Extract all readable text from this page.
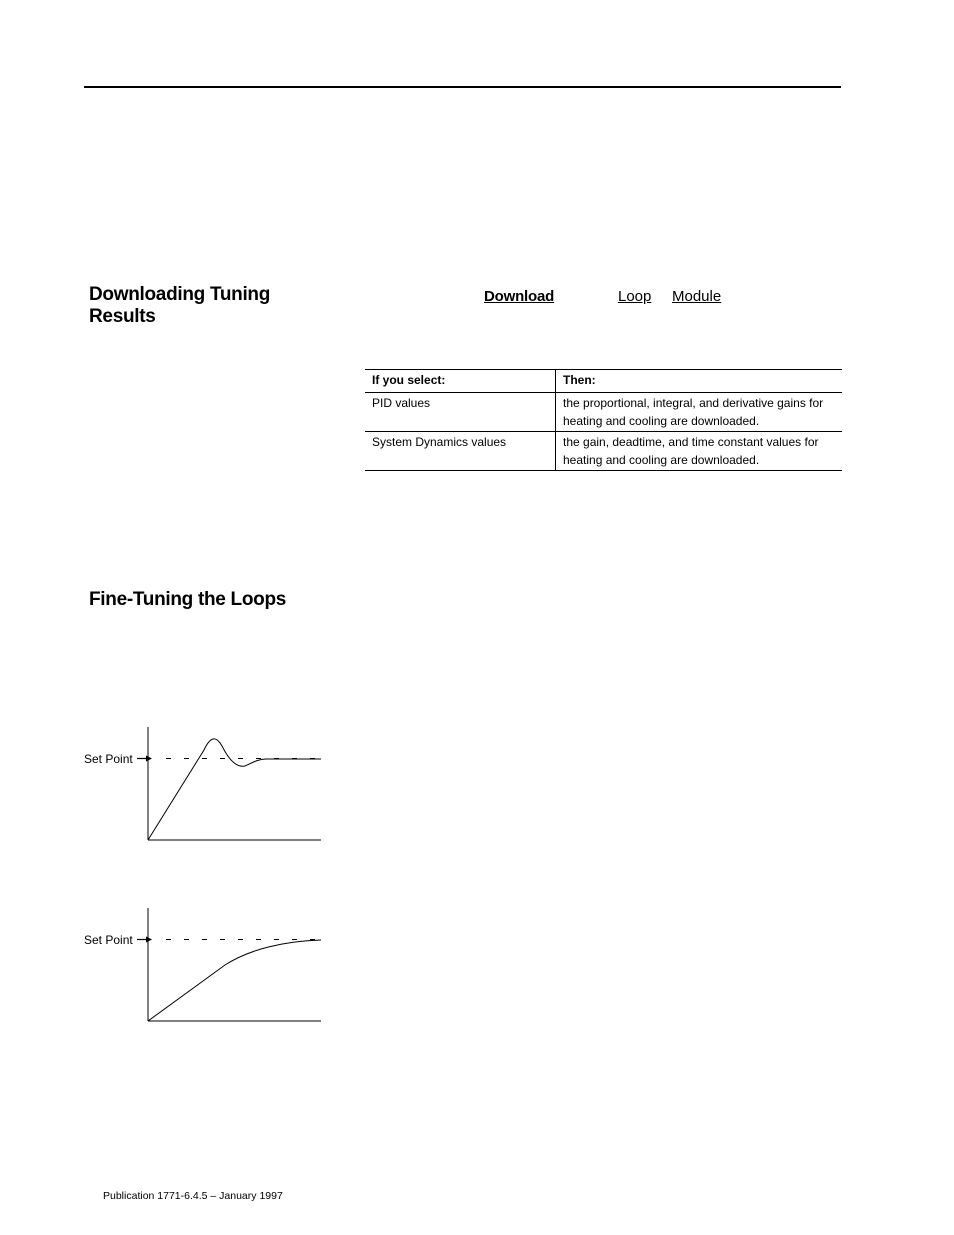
Downloading Tuning Results
Download	Loop Module
If you select:	Then:
PID values	the proportional, integral, and derivative gains for heating and cooling are downloaded.
System Dynamics values	the gain, deadtime, and time constant values for heating and cooling are downloaded.
Fine-Tuning the Loops
Set Point
Set Point
Publication 1771-6.4.5 – January 1997
